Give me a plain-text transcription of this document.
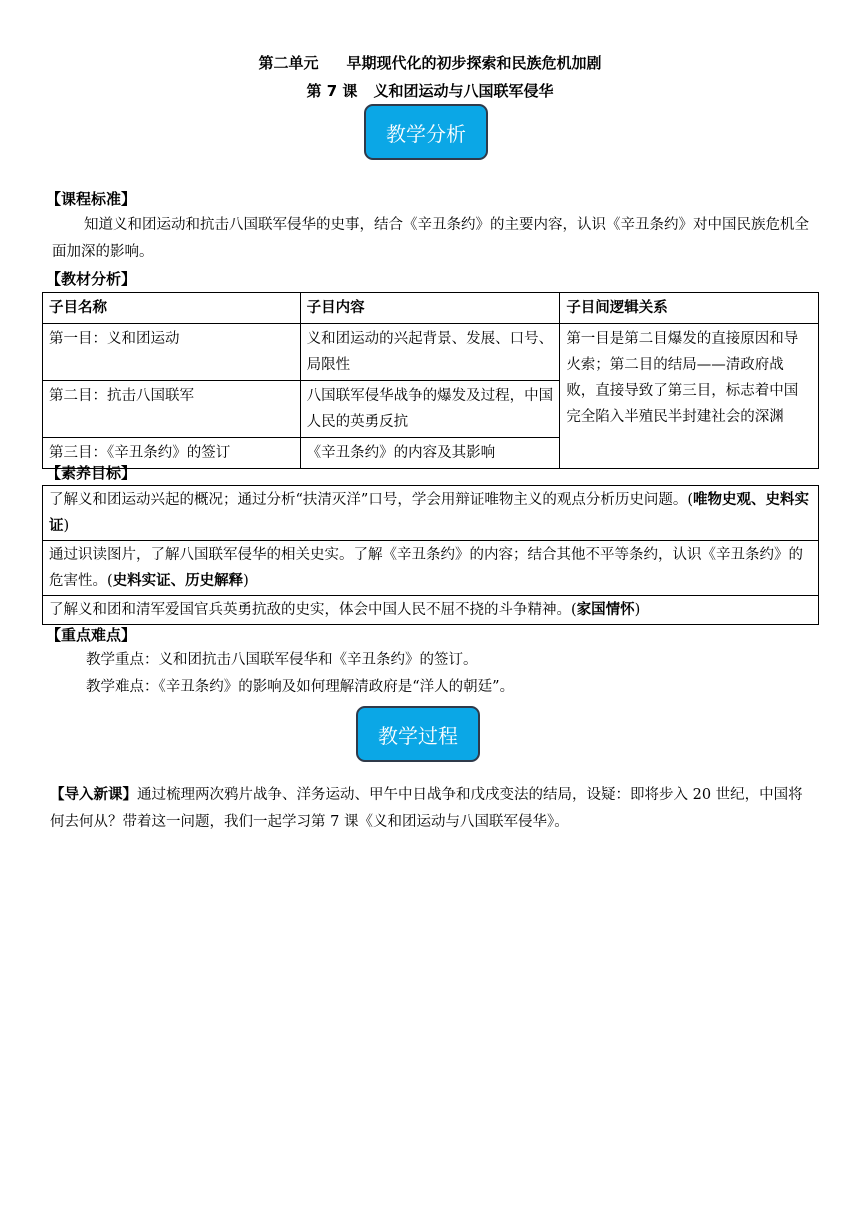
第二单元 早期现代化的初步探索和民族危机加剧
第 7 课 义和团运动与八国联军侵华
教学分析
【课程标准】
知道义和团运动和抗击八国联军侵华的史事，结合《辛丑条约》的主要内容，认识《辛丑条约》对中国民族危机全面加深的影响。
【教材分析】
子目名称	子目内容	子目间逻辑关系
第一目：义和团运动	义和团运动的兴起背景、发展、口号、局限性	第一目是第二目爆发的直接原因和导火索；第二目的结局——清政府战败，直接导致了第三目，标志着中国完全陷入半殖民半封建社会的深渊
第二目：抗击八国联军	八国联军侵华战争的爆发及过程，中国人民的英勇反抗	
第三目：《辛丑条约》的签订	《辛丑条约》的内容及其影响	
【素养目标】
了解义和团运动兴起的概况；通过分析“扶清灭洋”口号，学会用辩证唯物主义的观点分析历史问题。(唯物史观、史料实证)
通过识读图片，了解八国联军侵华的相关史实。了解《辛丑条约》的内容；结合其他不平等条约，认识《辛丑条约》的危害性。(史料实证、历史解释)
了解义和团和清军爱国官兵英勇抗敌的史实，体会中国人民不屈不挠的斗争精神。(家国情怀)
【重点难点】
教学重点：义和团抗击八国联军侵华和《辛丑条约》的签订。
教学难点：《辛丑条约》的影响及如何理解清政府是“洋人的朝廷”。
教学过程
【导入新课】通过梳理两次鸦片战争、洋务运动、甲午中日战争和戊戌变法的结局，设疑：即将步入 20 世纪，中国将何去何从？带着这一问题，我们一起学习第 7 课《义和团运动与八国联军侵华》。
